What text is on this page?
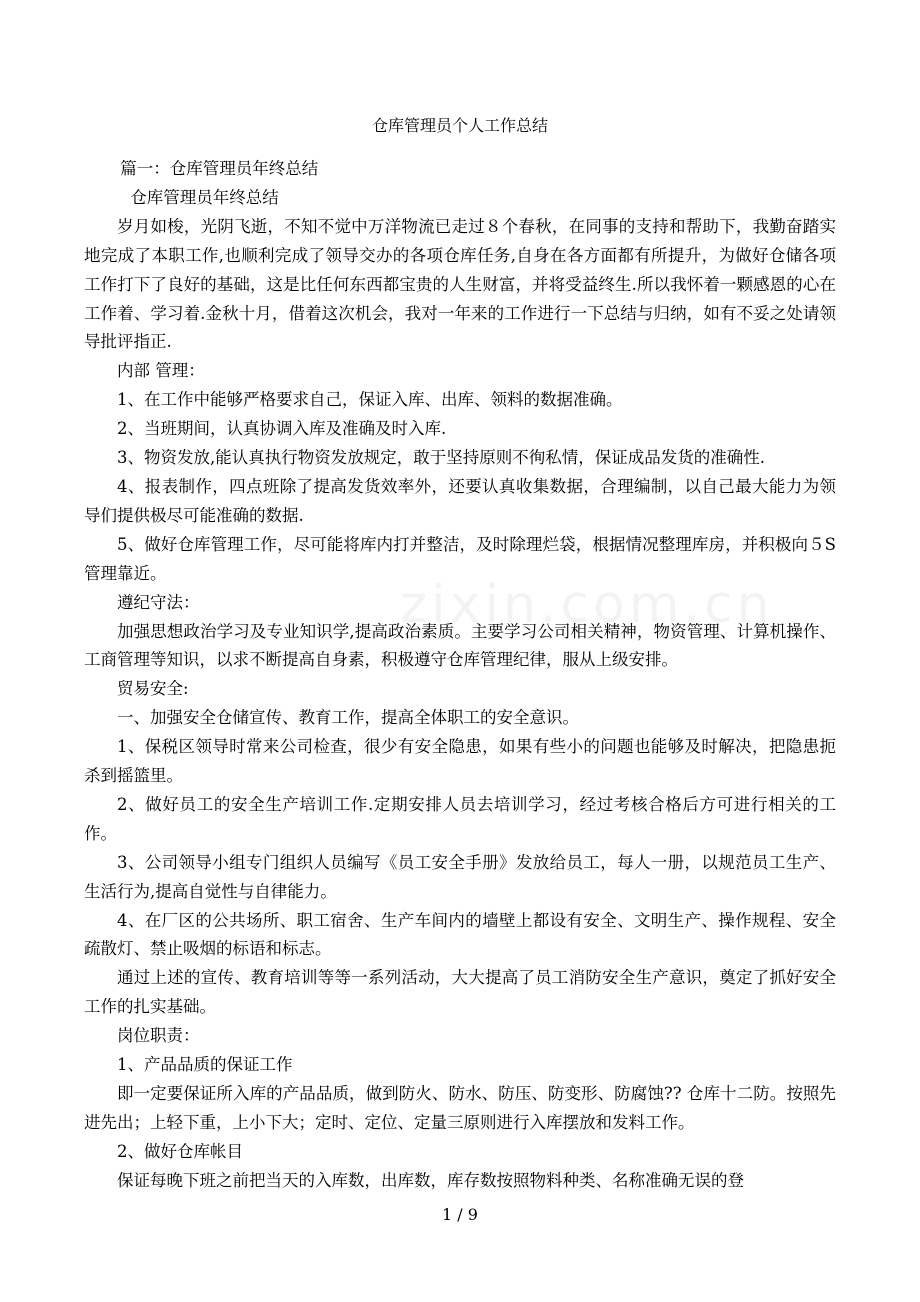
仓库管理员个人工作总结

篇一：仓库管理员年终总结

仓库管理员年终总结

岁月如梭，光阴飞逝，不知不觉中万洋物流已走过８个春秋，在同事的支持和帮助下，我勤奋踏实地完成了本职工作,也顺利完成了领导交办的各项仓库任务,自身在各方面都有所提升，为做好仓储各项工作打下了良好的基础，这是比任何东西都宝贵的人生财富，并将受益终生.所以我怀着一颗感恩的心在工作着、学习着.金秋十月，借着这次机会，我对一年来的工作进行一下总结与归纳，如有不妥之处请领导批评指正.

内部 管理：

1、在工作中能够严格要求自己，保证入库、出库、领料的数据准确。

2、当班期间，认真协调入库及准确及时入库.

3、物资发放,能认真执行物资发放规定，敢于坚持原则不徇私情，保证成品发货的准确性.

4、报表制作，四点班除了提高发货效率外，还要认真收集数据，合理编制，以自己最大能力为领导们提供极尽可能准确的数据.

5、做好仓库管理工作，尽可能将库内打并整洁，及时除理烂袋，根据情况整理库房，并积极向５S管理靠近。

遵纪守法：

加强思想政治学习及专业知识学,提高政治素质。主要学习公司相关精神，物资管理、计算机操作、工商管理等知识，以求不断提高自身素，积极遵守仓库管理纪律，服从上级安排。

贸易安全:

一、加强安全仓储宣传、教育工作，提高全体职工的安全意识。

1、保税区领导时常来公司检查，很少有安全隐患，如果有些小的问题也能够及时解决，把隐患扼杀到摇篮里。

2、做好员工的安全生产培训工作.定期安排人员去培训学习，经过考核合格后方可进行相关的工作。

3、公司领导小组专门组织人员编写《员工安全手册》发放给员工，每人一册，以规范员工生产、生活行为,提高自觉性与自律能力。

4、在厂区的公共场所、职工宿舍、生产车间内的墙壁上都设有安全、文明生产、操作规程、安全疏散灯、禁止吸烟的标语和标志。

通过上述的宣传、教育培训等等一系列活动，大大提高了员工消防安全生产意识，奠定了抓好安全工作的扎实基础。

岗位职责：

1、产品品质的保证工作

即一定要保证所入库的产品品质，做到防火、防水、防压、防变形、防腐蚀?? 仓库十二防。按照先进先出；上轻下重，上小下大；定时、定位、定量三原则进行入库摆放和发料工作。

2、做好仓库帐目

保证每晚下班之前把当天的入库数，出库数，库存数按照物料种类、名称准确无误的登

1 / 9
